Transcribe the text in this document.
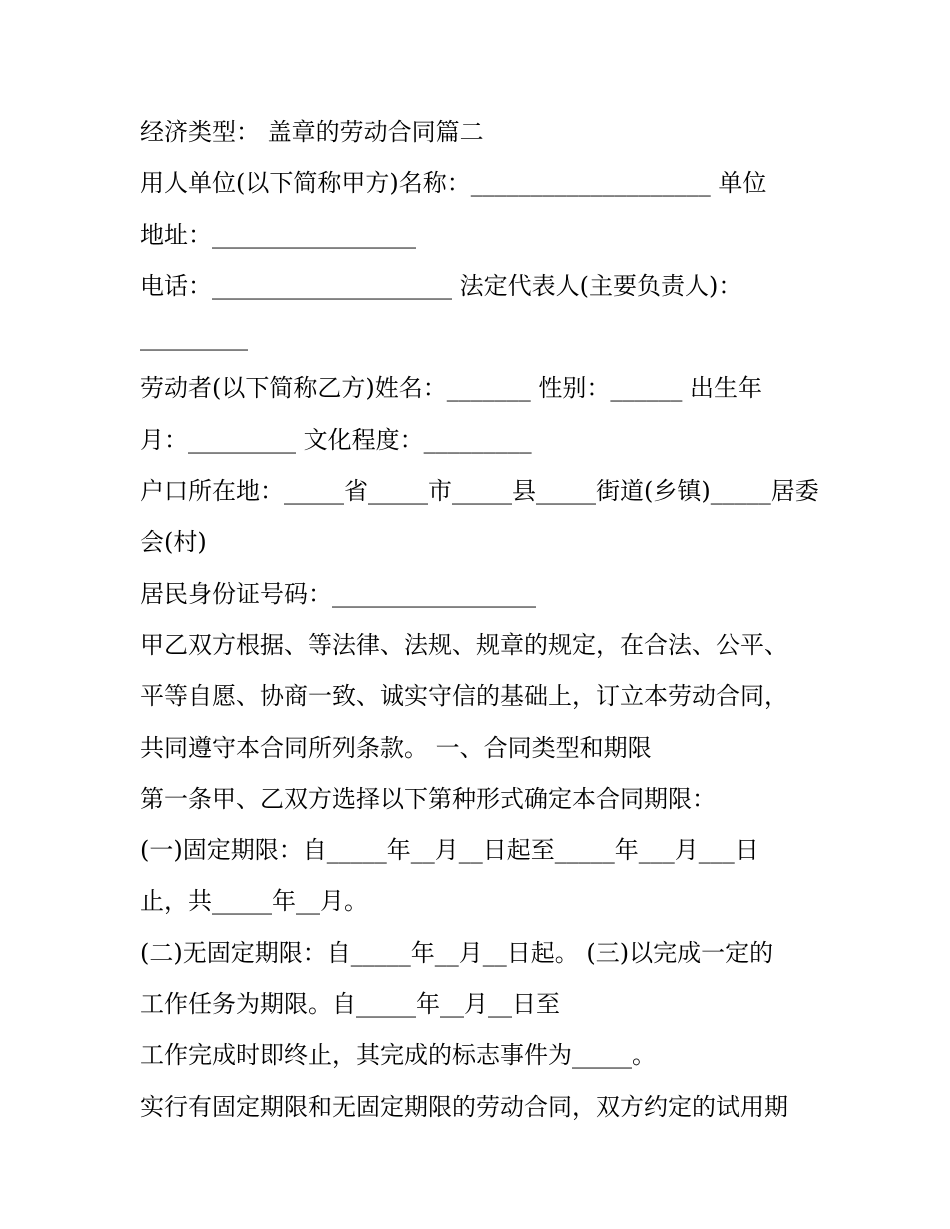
经济类型： 盖章的劳动合同篇二
用人单位(以下简称甲方)名称：____________________ 单位
地址：_________________
电话：____________________ 法定代表人(主要负责人)：
_________
劳动者(以下简称乙方)姓名：_______ 性别：______ 出生年
月：_________ 文化程度：_________
户口所在地：_____省_____市_____县_____街道(乡镇)_____居委
会(村)
居民身份证号码：_________________
甲乙双方根据、等法律、法规、规章的规定，在合法、公平、
平等自愿、协商一致、诚实守信的基础上，订立本劳动合同，
共同遵守本合同所列条款。 一、合同类型和期限
第一条甲、乙双方选择以下第种形式确定本合同期限：
(一)固定期限：自_____年__月__日起至_____年___月___日
止，共_____年__月。
(二)无固定期限：自_____年__月__日起。 (三)以完成一定的
工作任务为期限。自_____年__月__日至
工作完成时即终止，其完成的标志事件为_____。
实行有固定期限和无固定期限的劳动合同，双方约定的试用期
